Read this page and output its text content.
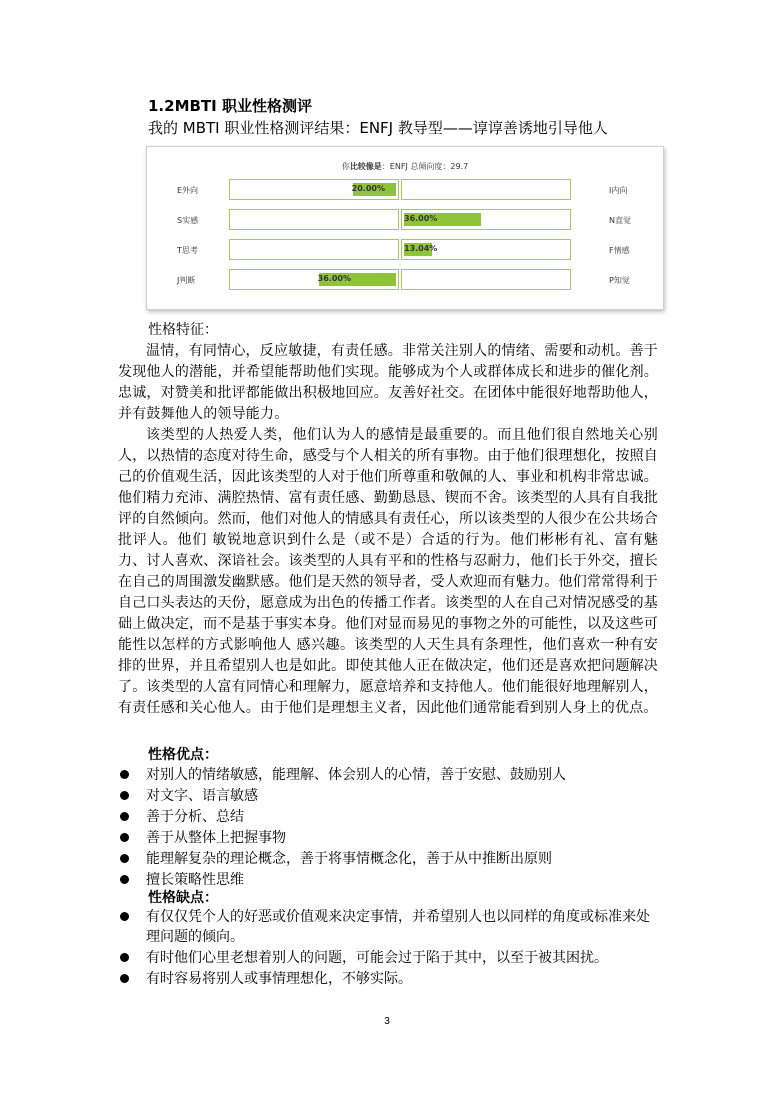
1.2MBTI 职业性格测评

我的 MBTI 职业性格测评结果：ENFJ 教导型——谆谆善诱地引导他人

你比较像是：ENFJ 总倾向度：29.7
E外向	I内向
20.00%
S实感	N直觉
36.00%
T思考	F情感
13.04%
J判断	P知觉
36.00%

性格特征：

温情，有同情心，反应敏捷，有责任感。非常关注别人的情绪、需要和动机。善于发现他人的潜能，并希望能帮助他们实现。能够成为个人或群体成长和进步的催化剂。忠诚，对赞美和批评都能做出积极地回应。友善好社交。在团体中能很好地帮助他人，并有鼓舞他人的领导能力。

该类型的人热爱人类，他们认为人的感情是最重要的。而且他们很自然地关心别人，以热情的态度对待生命，感受与个人相关的所有事物。由于他们很理想化，按照自己的价值观生活，因此该类型的人对于他们所尊重和敬佩的人、事业和机构非常忠诚。他们精力充沛、满腔热情、富有责任感、勤勤恳恳、锲而不舍。该类型的人具有自我批评的自然倾向。然而，他们对他人的情感具有责任心，所以该类型的人很少在公共场合批评人。他们 敏锐地意识到什么是（或不是）合适的行为。他们彬彬有礼、富有魅力、讨人喜欢、深谙社会。该类型的人具有平和的性格与忍耐力，他们长于外交，擅长在自己的周围激发幽默感。他们是天然的领导者，受人欢迎而有魅力。他们常常得利于自己口头表达的天份，愿意成为出色的传播工作者。该类型的人在自己对情况感受的基础上做决定，而不是基于事实本身。他们对显而易见的事物之外的可能性，以及这些可能性以怎样的方式影响他人 感兴趣。该类型的人天生具有条理性，他们喜欢一种有安排的世界，并且希望别人也是如此。即使其他人正在做决定，他们还是喜欢把问题解决了。该类型的人富有同情心和理解力，愿意培养和支持他人。他们能很好地理解别人，有责任感和关心他人。由于他们是理想主义者，因此他们通常能看到别人身上的优点。

性格优点：

对别人的情绪敏感，能理解、体会别人的心情，善于安慰、鼓励别人
对文字、语言敏感
善于分析、总结
善于从整体上把握事物
能理解复杂的理论概念，善于将事情概念化，善于从中推断出原则
擅长策略性思维

性格缺点：

有仅仅凭个人的好恶或价值观来决定事情，并希望别人也以同样的角度或标准来处理问题的倾向。
有时他们心里老想着别人的问题，可能会过于陷于其中，以至于被其困扰。
有时容易将别人或事情理想化，不够实际。
3
